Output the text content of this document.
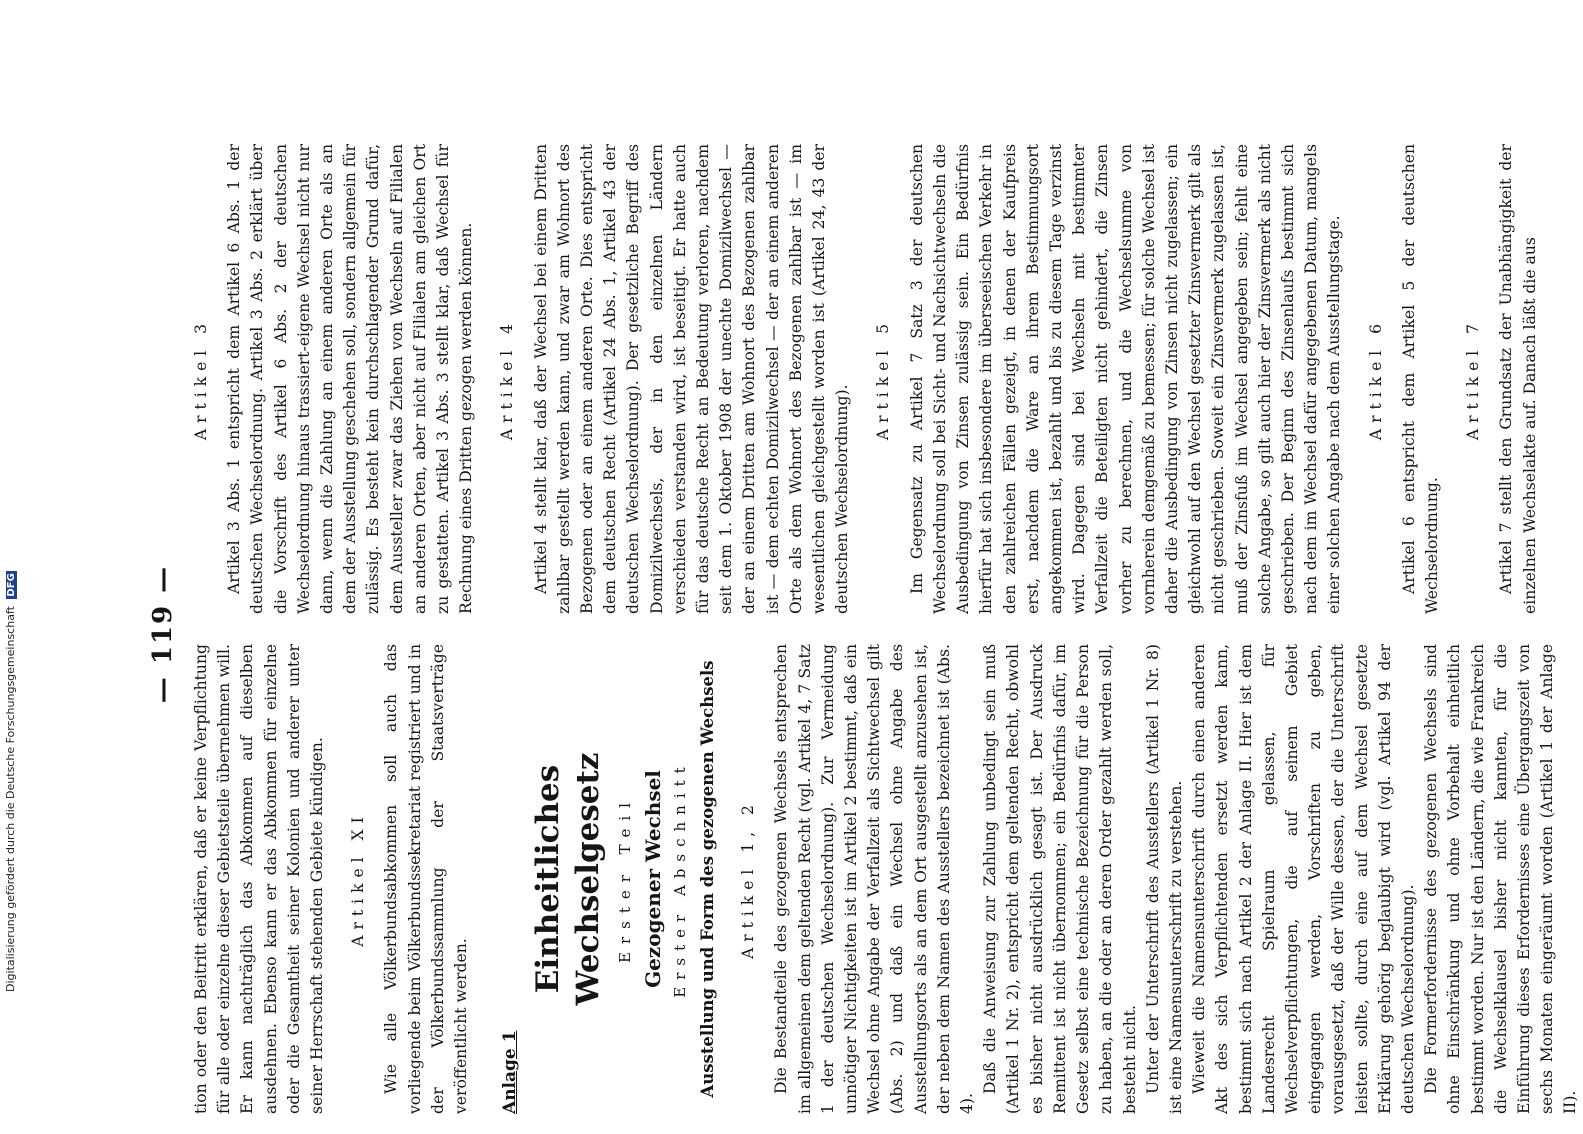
— 119 —

tion oder den Beitritt erklären, daß er keine Verpflichtung für alle oder einzelne dieser Gebietsteile übernehmen will. Er kann nachträglich das Abkommen auf dieselben ausdehnen. Ebenso kann er das Abkommen für einzelne oder die Gesamtheit seiner Kolonien und anderer unter seiner Herrschaft stehenden Gebiete kündigen. Artikel XI Wie alle Völkerbundsabkommen soll auch das vorliegende beim Völkerbundssekretariat registriert und in der Völkerbundssammlung der Staatsverträge veröffentlicht werden. Anlage 1
Einheitliches Wechselgesetz Erster Teil Gezogener Wechsel Erster Abschnitt Ausstellung und Form des gezogenen Wechsels Artikel 1, 2 Die Bestandteile des gezogenen Wechsels entsprechen im allgemeinen dem geltenden Recht (vgl. Artikel 4, 7 Satz 1 der deutschen Wechselordnung). Zur Vermeidung unnötiger Nichtigkeiten ist im Artikel 2 bestimmt, daß ein Wechsel ohne Angabe der Verfallzeit als Sichtwechsel gilt (Abs. 2) und daß ein Wechsel ohne Angabe des Ausstellungsorts als an dem Ort ausgestellt anzusehen ist, der neben dem Namen des Ausstellers bezeichnet ist (Abs. 4).

Daß die Anweisung zur Zahlung unbedingt sein muß (Artikel 1 Nr. 2), entspricht dem geltenden Recht, obwohl es bisher nicht ausdrücklich gesagt ist. Der Ausdruck Remittent ist nicht übernommen; ein Bedürfnis dafür, im Gesetz selbst eine technische Bezeichnung für die Person zu haben, an die oder an deren Order gezahlt werden soll, besteht nicht. Unter der Unterschrift des Ausstellers (Artikel 1 Nr. 8) ist eine Namensunterschrift zu verstehen. Wieweit die Namensunterschrift durch einen anderen Akt des sich Verpflichtenden ersetzt werden kann, bestimmt sich nach Artikel 2 der Anlage II. Hier ist dem Landesrecht Spielraum gelassen, für Wechselverpflichtungen, die auf seinem Gebiet eingegangen werden, Vorschriften zu geben, vorausgesetzt, daß der Wille dessen, der die Unterschrift leisten sollte, durch eine auf dem Wechsel gesetzte Erklärung gehörig beglaubigt wird (vgl. Artikel 94 der deutschen Wechselordnung). Die Formerfordernisse des gezogenen Wechsels sind ohne Einschränkung und ohne Vorbehalt einheitlich bestimmt worden. Nur ist den Ländern, die wie Frankreich die Wechselklausel bisher nicht kannten, für die Einführung dieses Erfordernisses eine Übergangszeit von sechs Monaten eingeräumt worden (Artikel 1 der Anlage II).

Artikel 3 Artikel 3 Abs. 1 entspricht dem Artikel 6 Abs. 1 der deutschen Wechselordnung. Artikel 3 Abs. 2 erklärt über die Vorschrift des Artikel 6 Abs. 2 der deutschen Wechselordnung hinaus trassiert-eigene Wechsel nicht nur dann, wenn die Zahlung an einem anderen Orte als an dem der Ausstellung geschehen soll, sondern allgemein für zulässig. Es besteht kein durchschlagender Grund dafür, dem Aussteller zwar das Ziehen von Wechseln auf Filialen an anderen Orten, aber nicht auf Filialen am gleichen Ort zu gestatten. Artikel 3 Abs. 3 stellt klar, daß Wechsel für Rechnung eines Dritten gezogen werden können. Artikel 4 Artikel 4 stellt klar, daß der Wechsel bei einem Dritten zahlbar gestellt werden kann, und zwar am Wohnort des Bezogenen oder an einem anderen Orte. Dies entspricht dem deutschen Recht (Artikel 24 Abs. 1, Artikel 43 der deutschen Wechselordnung). Der gesetzliche Begriff des Domizilwechsels, der in den einzelnen Ländern verschieden verstanden wird, ist beseitigt. Er hatte auch für das deutsche Recht an Bedeutung verloren, nachdem seit dem 1. Oktober 1908 der unechte Domizilwechsel — der an einem Dritten am Wohnort des Bezogenen zahlbar ist — dem echten Domizilwechsel — der an einem anderen Orte als dem Wohnort des Bezogenen zahlbar ist — im wesentlichen gleichgestellt worden ist (Artikel 24, 43 der deutschen Wechselordnung).

Artikel 5 Im Gegensatz zu Artikel 7 Satz 3 der deutschen Wechselordnung soll bei Sicht- und Nachsichtwechseln die Ausbedingung von Zinsen zulässig sein. Ein Bedürfnis hierfür hat sich insbesondere im überseeischen Verkehr in den zahlreichen Fällen gezeigt, in denen der Kaufpreis erst, nachdem die Ware an ihrem Bestimmungsort angekommen ist, bezahlt und bis zu diesem Tage verzinst wird. Dagegen sind bei Wechseln mit bestimmter Verfallzeit die Beteiligten nicht gehindert, die Zinsen vorher zu berechnen, und die Wechselsumme von vornherein demgemäß zu bemessen; für solche Wechsel ist daher die Ausbedingung von Zinsen nicht zugelassen; ein gleichwohl auf den Wechsel gesetzter Zinsvermerk gilt als nicht geschrieben. Soweit ein Zinsvermerk zugelassen ist, muß der Zinsfuß im Wechsel angegeben sein; fehlt eine solche Angabe, so gilt auch hier der Zinsvermerk als nicht geschrieben. Der Beginn des Zinsenlaufs bestimmt sich nach dem im Wechsel dafür angegebenen Datum, mangels einer solchen Angabe nach dem Ausstellungstage. Artikel 6 Artikel 6 entspricht dem Artikel 5 der deutschen Wechselordnung.

Artikel 7 Artikel 7 stellt den Grundsatz der Unabhängigkeit der einzelnen Wechselakte auf. Danach läßt die aus

Digitalisierung gefördert durch die Deutsche Forschungsgemeinschaft DFG
